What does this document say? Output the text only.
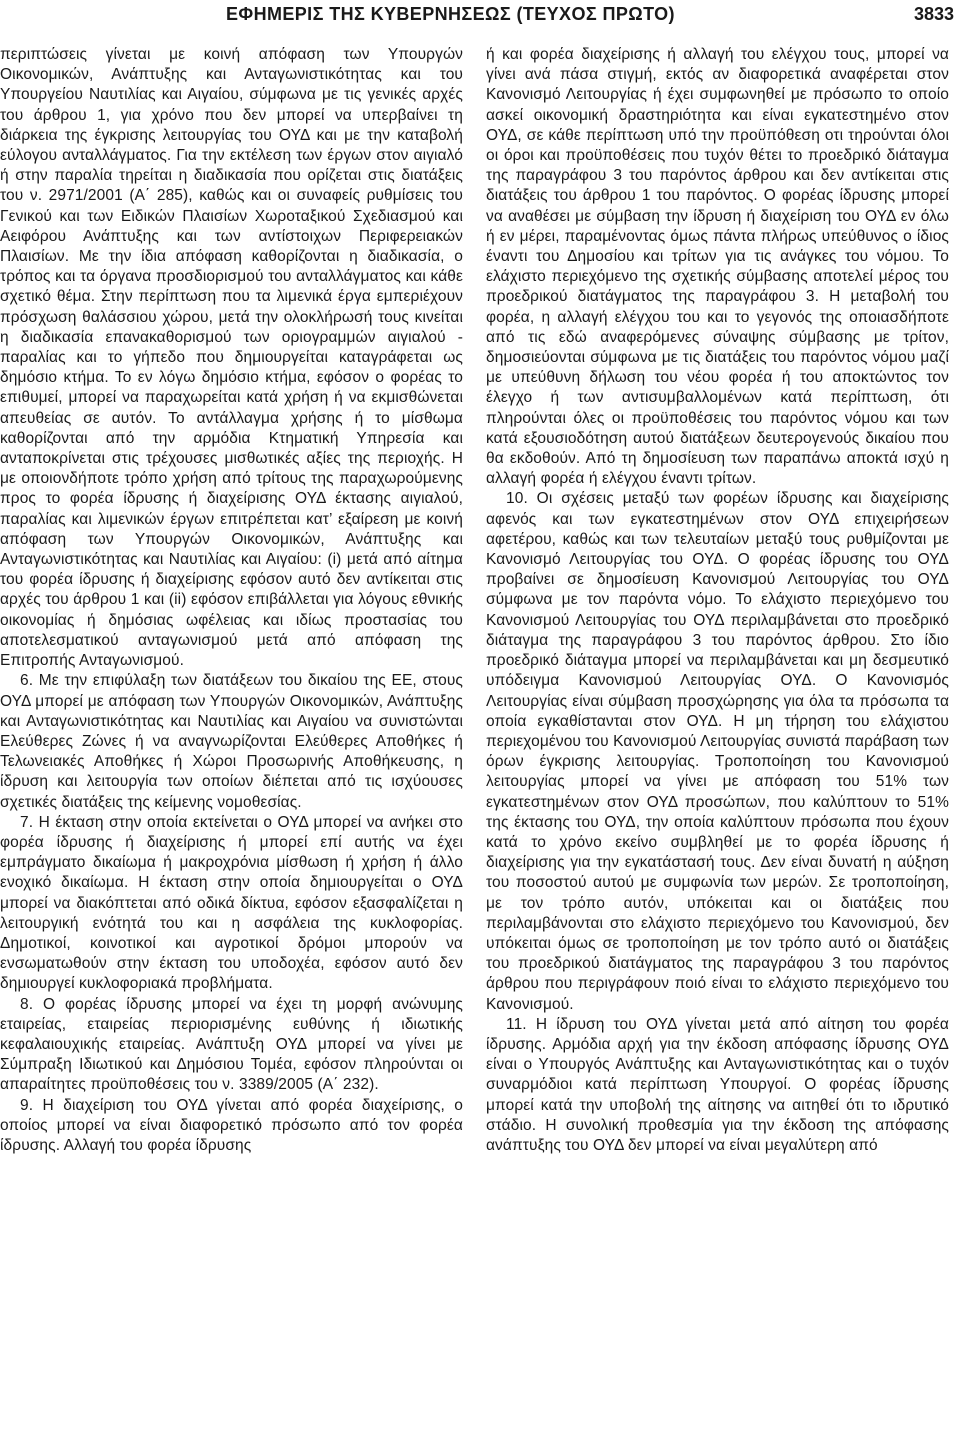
ΕΦΗΜΕΡΙΣ ΤΗΣ ΚΥΒΕΡΝΗΣΕΩΣ (ΤΕΥΧΟΣ ΠΡΩΤΟ)	3833

περιπτώσεις γίνεται με κοινή απόφαση των Υπουργών Οικονομικών, Ανάπτυξης και Ανταγωνιστικότητας και του Υπουργείου Ναυτιλίας και Αιγαίου, σύμφωνα με τις γενικές αρχές του άρθρου 1, για χρόνο που δεν μπορεί να υπερβαίνει τη διάρκεια της έγκρισης λειτουργίας του ΟΥΔ και με την καταβολή εύλογου ανταλλάγματος. Για την εκτέλεση των έργων στον αιγιαλό ή στην παραλία τηρείται η διαδικασία που ορίζεται στις διατάξεις του ν. 2971/2001 (Α΄ 285), καθώς και οι συναφείς ρυθμίσεις του Γενικού και των Ειδικών Πλαισίων Χωροταξικού Σχεδιασμού και Αειφόρου Ανάπτυξης και των αντίστοιχων Περιφερειακών Πλαισίων. Με την ίδια απόφαση καθορίζονται η διαδικασία, ο τρόπος και τα όργανα προσδιορισμού του ανταλλάγματος και κάθε σχετικό θέμα. Στην περίπτωση που τα λιμενικά έργα εμπεριέχουν πρόσχωση θαλάσσιου χώρου, μετά την ολοκλήρωσή τους κινείται η διαδικασία επανακαθορισμού των οριογραμμών αιγιαλού - παραλίας και το γήπεδο που δημιουργείται καταγράφεται ως δημόσιο κτήμα. Το εν λόγω δημόσιο κτήμα, εφόσον ο φορέας το επιθυμεί, μπορεί να παραχωρείται κατά χρήση ή να εκμισθώνεται απευθείας σε αυτόν. Το αντάλλαγμα χρήσης ή το μίσθωμα καθορίζονται από την αρμόδια Κτηματική Υπηρεσία και ανταποκρίνεται στις τρέχουσες μισθωτικές αξίες της περιοχής. Η με οποιονδήποτε τρόπο χρήση από τρίτους της παραχωρούμενης προς το φορέα ίδρυσης ή διαχείρισης ΟΥΔ έκτασης αιγιαλού, παραλίας και λιμενικών έργων επιτρέπεται κατ’ εξαίρεση με κοινή απόφαση των Υπουργών Οικονομικών, Ανάπτυξης και Ανταγωνιστικότητας και Ναυτιλίας και Αιγαίου: (i) μετά από αίτημα του φορέα ίδρυσης ή διαχείρισης εφόσον αυτό δεν αντίκειται στις αρχές του άρθρου 1 και (ii) εφόσον επιβάλλεται για λόγους εθνικής οικονομίας ή δημόσιας ωφέλειας και ιδίως προστασίας του αποτελεσματικού ανταγωνισμού μετά από απόφαση της Επιτροπής Ανταγωνισμού.

6. Με την επιφύλαξη των διατάξεων του δικαίου της ΕΕ, στους ΟΥΔ μπορεί με απόφαση των Υπουργών Οικονομικών, Ανάπτυξης και Ανταγωνιστικότητας και Ναυτιλίας και Αιγαίου να συνιστώνται Ελεύθερες Ζώνες ή να αναγνωρίζονται Ελεύθερες Αποθήκες ή Τελωνειακές Αποθήκες ή Χώροι Προσωρινής Αποθήκευσης, η ίδρυση και λειτουργία των οποίων διέπεται από τις ισχύουσες σχετικές διατάξεις της κείμενης νομοθεσίας.

7. Η έκταση στην οποία εκτείνεται ο ΟΥΔ μπορεί να ανήκει στο φορέα ίδρυσης ή διαχείρισης ή μπορεί επί αυτής να έχει εμπράγματο δικαίωμα ή μακροχρόνια μίσθωση ή χρήση ή άλλο ενοχικό δικαίωμα. Η έκταση στην οποία δημιουργείται ο ΟΥΔ μπορεί να διακόπτεται από οδικά δίκτυα, εφόσον εξασφαλίζεται η λειτουργική ενότητά του και η ασφάλεια της κυκλοφορίας. Δημοτικοί, κοινοτικοί και αγροτικοί δρόμοι μπορούν να ενσωματωθούν στην έκταση του υποδοχέα, εφόσον αυτό δεν δημιουργεί κυκλοφοριακά προβλήματα.

8. Ο φορέας ίδρυσης μπορεί να έχει τη μορφή ανώνυμης εταιρείας, εταιρείας περιορισμένης ευθύνης ή ιδιωτικής κεφαλαιουχικής εταιρείας. Ανάπτυξη ΟΥΔ μπορεί να γίνει με Σύμπραξη Ιδιωτικού και Δημόσιου Τομέα, εφόσον πληρούνται οι απαραίτητες προϋποθέσεις του ν. 3389/2005 (Α΄ 232).

9. Η διαχείριση του ΟΥΔ γίνεται από φορέα διαχείρισης, ο οποίος μπορεί να είναι διαφορετικό πρόσωπο από τον φορέα ίδρυσης. Αλλαγή του φορέα ίδρυσης

ή και φορέα διαχείρισης ή αλλαγή του ελέγχου τους, μπορεί να γίνει ανά πάσα στιγμή, εκτός αν διαφορετικά αναφέρεται στον Κανονισμό Λειτουργίας ή έχει συμφωνηθεί με πρόσωπο το οποίο ασκεί οικονομική δραστηριότητα και είναι εγκατεστημένο στον ΟΥΔ, σε κάθε περίπτωση υπό την προϋπόθεση οτι τηρούνται όλοι οι όροι και προϋποθέσεις που τυχόν θέτει το προεδρικό διάταγμα της παραγράφου 3 του παρόντος άρθρου και δεν αντίκειται στις διατάξεις του άρθρου 1 του παρόντος. Ο φορέας ίδρυσης μπορεί να αναθέσει με σύμβαση την ίδρυση ή διαχείριση του ΟΥΔ εν όλω ή εν μέρει, παραμένοντας όμως πάντα πλήρως υπεύθυνος ο ίδιος έναντι του Δημοσίου και τρίτων για τις ανάγκες του νόμου. Το ελάχιστο περιεχόμενο της σχετικής σύμβασης αποτελεί μέρος του προεδρικού διατάγματος της παραγράφου 3. Η μεταβολή του φορέα, η αλλαγή ελέγχου του και το γεγονός της οποιασδήποτε από τις εδώ αναφερόμενες σύναψης σύμβασης με τρίτον, δημοσιεύονται σύμφωνα με τις διατάξεις του παρόντος νόμου μαζί με υπεύθυνη δήλωση του νέου φορέα ή του αποκτώντος τον έλεγχο ή των αντισυμβαλλομένων κατά περίπτωση, ότι πληρούνται όλες οι προϋποθέσεις του παρόντος νόμου και των κατά εξουσιοδότηση αυτού διατάξεων δευτερογενούς δικαίου που θα εκδοθούν. Από τη δημοσίευση των παραπάνω αποκτά ισχύ η αλλαγή φορέα ή ελέγχου έναντι τρίτων.

10. Οι σχέσεις μεταξύ των φορέων ίδρυσης και διαχείρισης αφενός και των εγκατεστημένων στον ΟΥΔ επιχειρήσεων αφετέρου, καθώς και των τελευταίων μεταξύ τους ρυθμίζονται με Κανονισμό Λειτουργίας του ΟΥΔ. Ο φορέας ίδρυσης του ΟΥΔ προβαίνει σε δημοσίευση Κανονισμού Λειτουργίας του ΟΥΔ σύμφωνα με τον παρόντα νόμο. Το ελάχιστο περιεχόμενο του Κανονισμού Λειτουργίας του ΟΥΔ περιλαμβάνεται στο προεδρικό διάταγμα της παραγράφου 3 του παρόντος άρθρου. Στο ίδιο προεδρικό διάταγμα μπορεί να περιλαμβάνεται και μη δεσμευτικό υπόδειγμα Κανονισμού Λειτουργίας ΟΥΔ. Ο Κανονισμός Λειτουργίας είναι σύμβαση προσχώρησης για όλα τα πρόσωπα τα οποία εγκαθίστανται στον ΟΥΔ. Η μη τήρηση του ελάχιστου περιεχομένου του Κανονισμού Λειτουργίας συνιστά παράβαση των όρων έγκρισης λειτουργίας. Τροποποίηση του Κανονισμού λειτουργίας μπορεί να γίνει με απόφαση του 51% των εγκατεστημένων στον ΟΥΔ προσώπων, που καλύπτουν το 51% της έκτασης του ΟΥΔ, την οποία καλύπτουν πρόσωπα που έχουν κατά το χρόνο εκείνο συμβληθεί με το φορέα ίδρυσης ή διαχείρισης για την εγκατάστασή τους. Δεν είναι δυνατή η αύξηση του ποσοστού αυτού με συμφωνία των μερών. Σε τροποποίηση, με τον τρόπο αυτόν, υπόκειται και οι διατάξεις που περιλαμβάνονται στο ελάχιστο περιεχόμενο του Κανονισμού, δεν υπόκειται όμως σε τροποποίηση με τον τρόπο αυτό οι διατάξεις του προεδρικού διατάγματος της παραγράφου 3 του παρόντος άρθρου που περιγράφουν ποιό είναι το ελάχιστο περιεχόμενο του Κανονισμού.

11. Η ίδρυση του ΟΥΔ γίνεται μετά από αίτηση του φορέα ίδρυσης. Αρμόδια αρχή για την έκδοση απόφασης ίδρυσης ΟΥΔ είναι ο Υπουργός Ανάπτυξης και Ανταγωνιστικότητας και ο τυχόν συναρμόδιοι κατά περίπτωση Υπουργοί. Ο φορέας ίδρυσης μπορεί κατά την υποβολή της αίτησης να αιτηθεί ότι το ιδρυτικό στάδιο. Η συνολική προθεσμία για την έκδοση της απόφασης ανάπτυξης του ΟΥΔ δεν μπορεί να είναι μεγαλύτερη από
